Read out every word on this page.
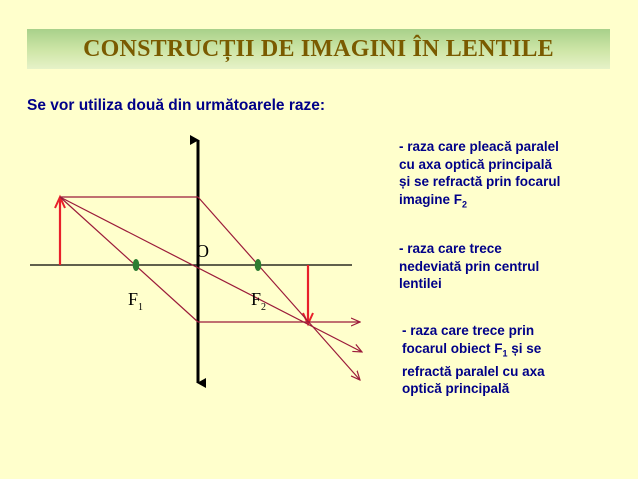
CONSTRUCȚII DE IMAGINI ÎN LENTILE
Se vor utiliza două din următoarele raze:
O
$F_1$	$F_2$
- raza care pleacă paralel
cu axa optică principală
și se refractă prin focarul
imagine $F_2$
- raza care trece
nedeviată prin centrul
lentilei
- raza care trece prin
focarul obiect $F_1$ și se
refractă paralel cu axa
optică principală
